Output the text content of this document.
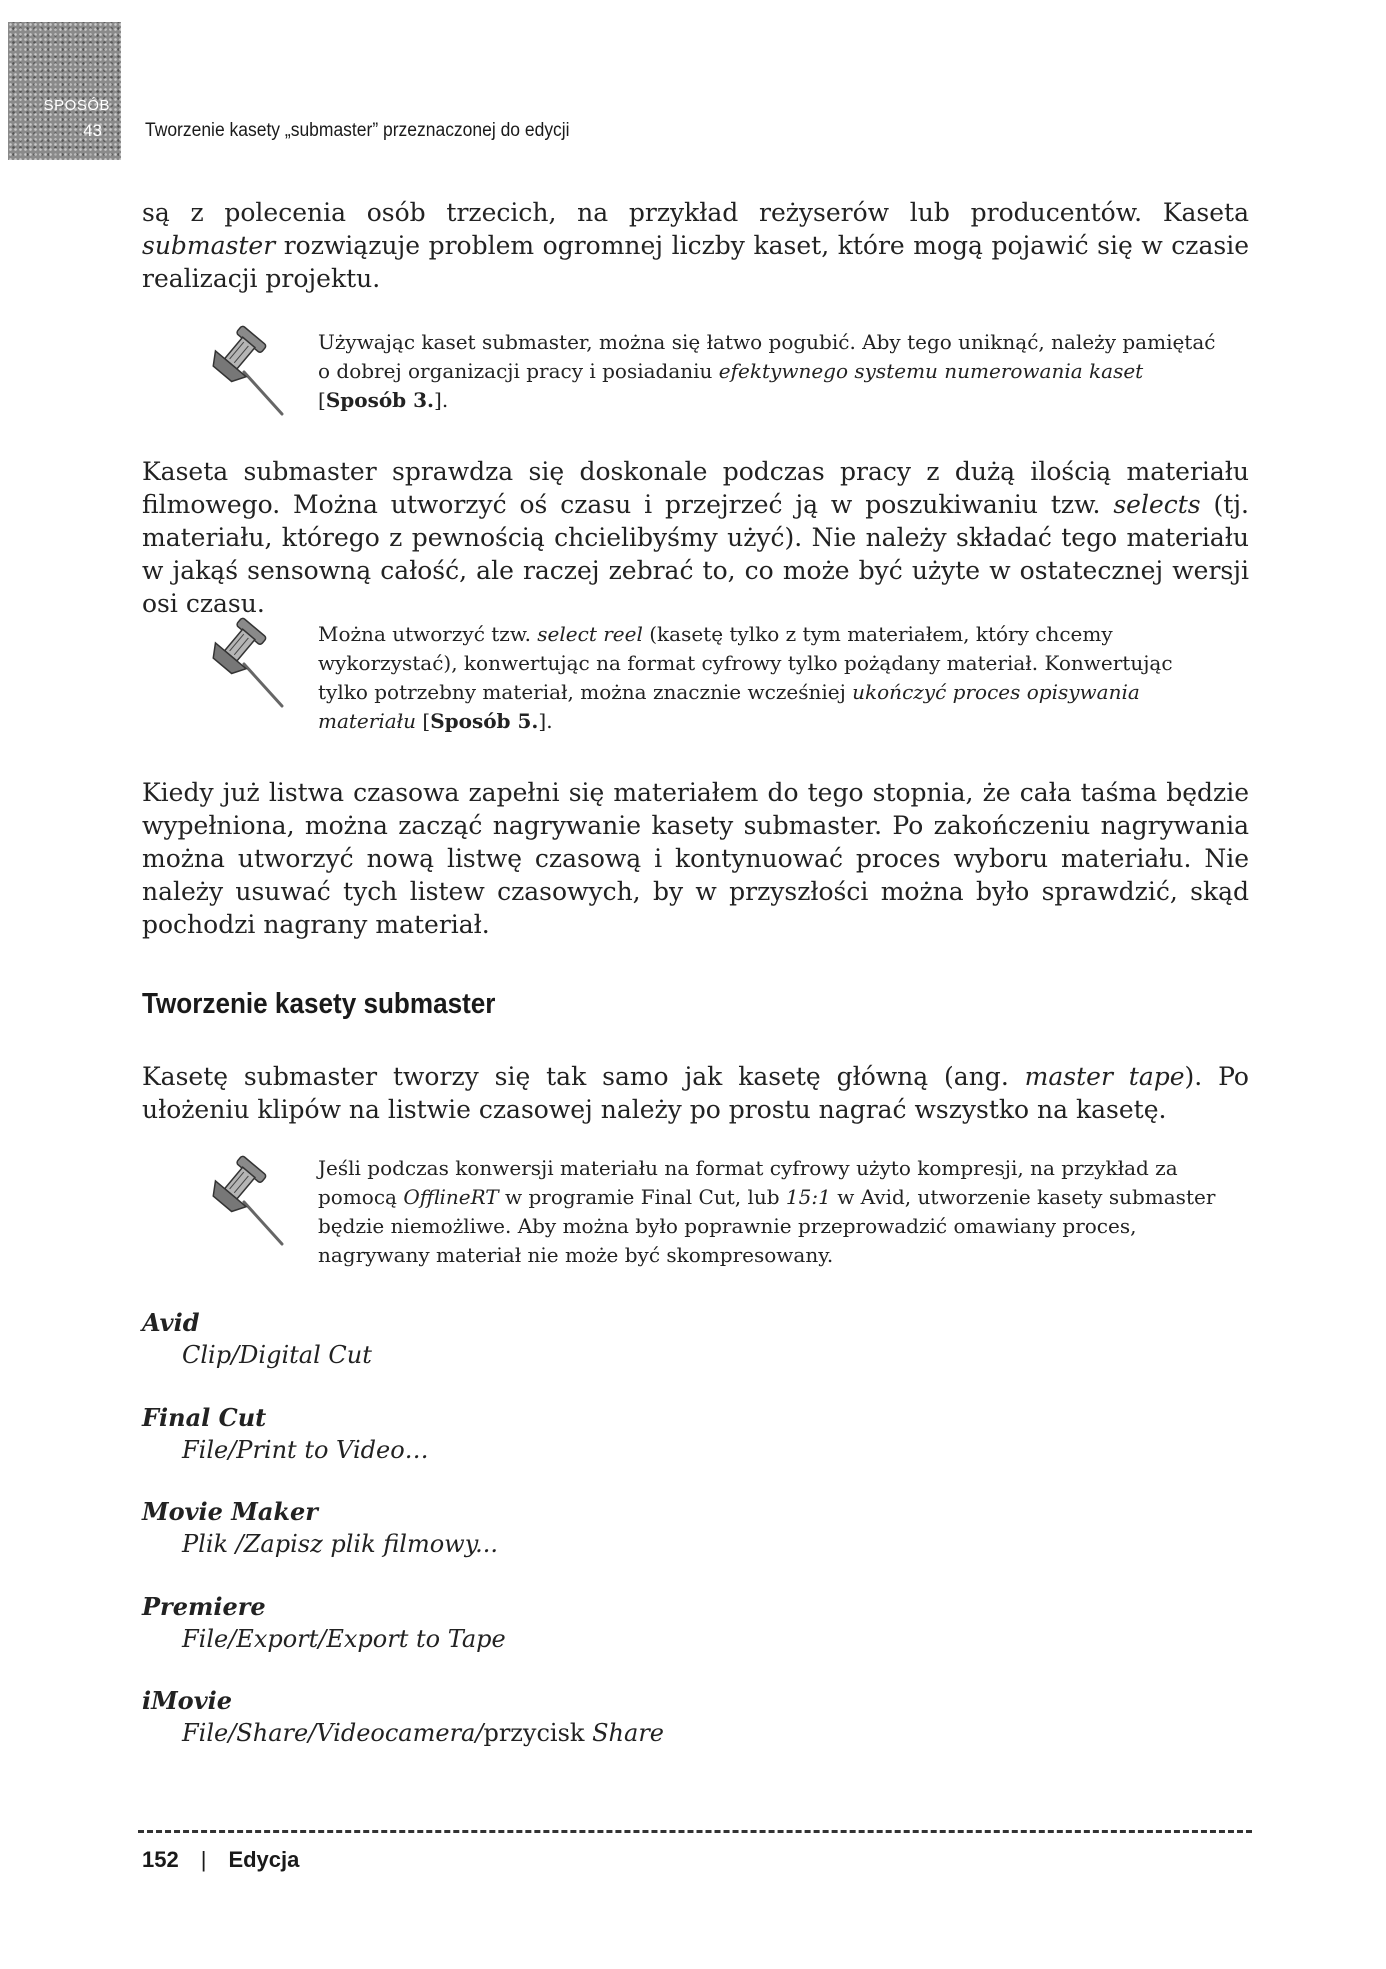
SPOSÓB
43 Tworzenie kasety „submaster” przeznaczonej do edycji

są z polecenia osób trzecich, na przykład reżyserów lub producentów. Kaseta submaster rozwiązuje problem ogromnej liczby kaset, które mogą pojawić się w czasie realizacji projektu.

Używając kaset submaster, można się łatwo pogubić. Aby tego uniknąć, należy pamiętać o dobrej organizacji pracy i posiadaniu efektywnego systemu numerowania kaset [Sposób 3.].

Kaseta submaster sprawdza się doskonale podczas pracy z dużą ilością materiału filmowego. Można utworzyć oś czasu i przejrzeć ją w poszukiwaniu tzw. selects (tj. materiału, którego z pewnością chcielibyśmy użyć). Nie należy składać tego materiału w jakąś sensowną całość, ale raczej zebrać to, co może być użyte w ostatecznej wersji osi czasu.

Można utworzyć tzw. select reel (kasetę tylko z tym materiałem, który chcemy wykorzystać), konwertując na format cyfrowy tylko pożądany materiał. Konwertując tylko potrzebny materiał, można znacznie wcześniej ukończyć proces opisywania materiału [Sposób 5.].

Kiedy już listwa czasowa zapełni się materiałem do tego stopnia, że cała taśma będzie wypełniona, można zacząć nagrywanie kasety submaster. Po zakończeniu nagrywania można utworzyć nową listwę czasową i kontynuować proces wyboru materiału. Nie należy usuwać tych listew czasowych, by w przyszłości można było sprawdzić, skąd pochodzi nagrany materiał.

Tworzenie kasety submaster

Kasetę submaster tworzy się tak samo jak kasetę główną (ang. master tape). Po ułożeniu klipów na listwie czasowej należy po prostu nagrać wszystko na kasetę.

Jeśli podczas konwersji materiału na format cyfrowy użyto kompresji, na przykład za pomocą OfflineRT w programie Final Cut, lub 15:1 w Avid, utworzenie kasety submaster będzie niemożliwe. Aby można było poprawnie przeprowadzić omawiany proces, nagrywany materiał nie może być skompresowany.

Avid

Clip/Digital Cut

Final Cut

File/Print to Video…

Movie Maker

Plik /Zapisz plik filmowy...

Premiere

File/Export/Export to Tape

iMovie

File/Share/Videocamera/przycisk Share

152 | Edycja
